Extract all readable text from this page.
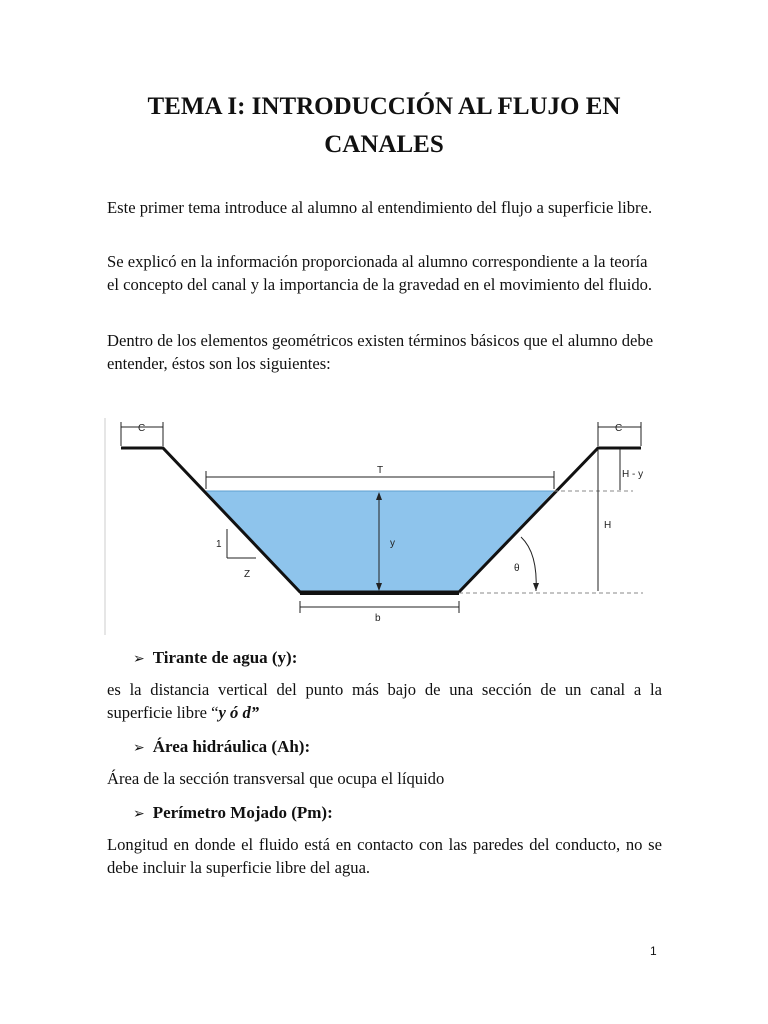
TEMA I: INTRODUCCIÓN AL FLUJO EN
CANALES

Este primer tema introduce al alumno al entendimiento del flujo a superficie libre.

Se explicó en la información proporcionada al alumno correspondiente a la teoría el concepto del canal y la importancia de la gravedad en el movimiento del fluido.

Dentro de los elementos geométricos existen términos básicos que el alumno debe entender, éstos son los siguientes:

C	C
T	H - y
H
y
1
Z
θ
b
➢ Tirante de agua (y):

es la distancia vertical del punto más bajo de una sección de un canal a la superficie libre “y ó d”

➢ Área hidráulica (Ah):

Área de la sección transversal que ocupa el líquido

➢ Perímetro Mojado (Pm):

Longitud en donde el fluido está en contacto con las paredes del conducto, no se debe incluir la superficie libre del agua.

1
